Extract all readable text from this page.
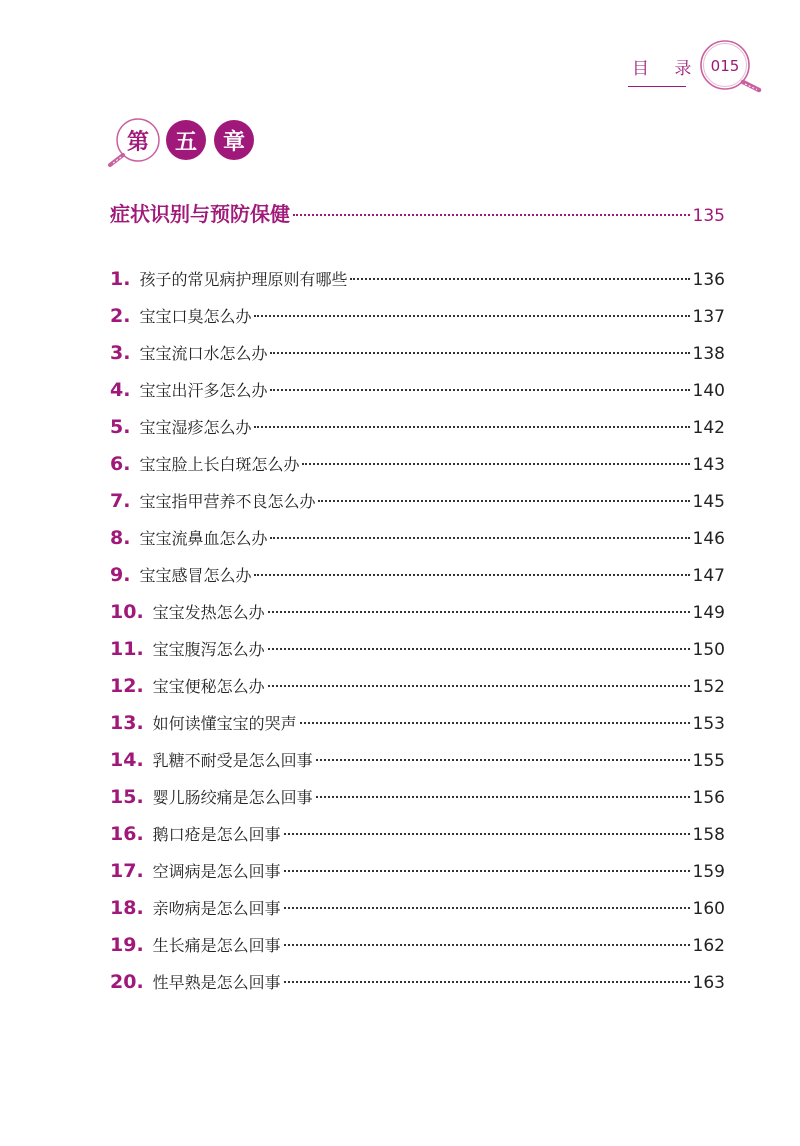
目 录 015
第	五	章
症状识别与预防保健	135
1. 孩子的常见病护理原则有哪些	136
2. 宝宝口臭怎么办	137
3. 宝宝流口水怎么办	138
4. 宝宝出汗多怎么办	140
5. 宝宝湿疹怎么办	142
6. 宝宝脸上长白斑怎么办	143
7. 宝宝指甲营养不良怎么办	145
8. 宝宝流鼻血怎么办	146
9. 宝宝感冒怎么办	147
10. 宝宝发热怎么办	149
11. 宝宝腹泻怎么办	150
12. 宝宝便秘怎么办	152
13. 如何读懂宝宝的哭声	153
14. 乳糖不耐受是怎么回事	155
15. 婴儿肠绞痛是怎么回事	156
16. 鹅口疮是怎么回事	158
17. 空调病是怎么回事	159
18. 亲吻病是怎么回事	160
19. 生长痛是怎么回事	162
20. 性早熟是怎么回事	163
